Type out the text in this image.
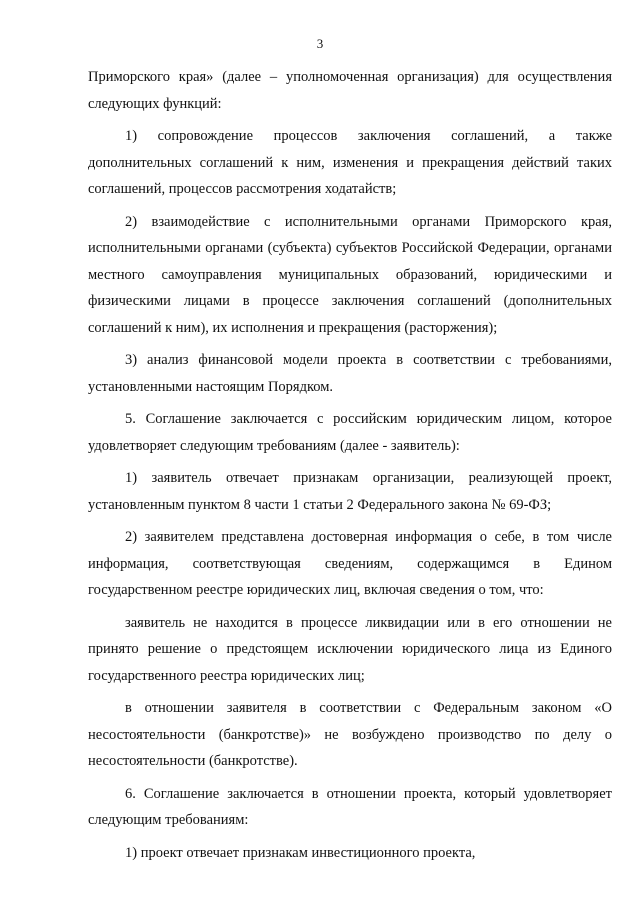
3

Приморского края» (далее – уполномоченная организация) для осуществления следующих функций:

1) сопровождение процессов заключения соглашений, а также дополнительных соглашений к ним, изменения и прекращения действий таких соглашений, процессов рассмотрения ходатайств;

2) взаимодействие с исполнительными органами Приморского края, исполнительными органами (субъекта) субъектов Российской Федерации, органами местного самоуправления муниципальных образований, юридическими и физическими лицами в процессе заключения соглашений (дополнительных соглашений к ним), их исполнения и прекращения (расторжения);

3) анализ финансовой модели проекта в соответствии с требованиями, установленными настоящим Порядком.

5. Соглашение заключается с российским юридическим лицом, которое удовлетворяет следующим требованиям (далее - заявитель):

1) заявитель отвечает признакам организации, реализующей проект, установленным пунктом 8 части 1 статьи 2 Федерального закона № 69-ФЗ;

2) заявителем представлена достоверная информация о себе, в том числе информация, соответствующая сведениям, содержащимся в Едином государственном реестре юридических лиц, включая сведения о том, что:

заявитель не находится в процессе ликвидации или в его отношении не принято решение о предстоящем исключении юридического лица из Единого государственного реестра юридических лиц;

в отношении заявителя в соответствии с Федеральным законом «О несостоятельности (банкротстве)» не возбуждено производство по делу о несостоятельности (банкротстве).

6. Соглашение заключается в отношении проекта, который удовлетворяет следующим требованиям:

1) проект отвечает признакам инвестиционного проекта,
